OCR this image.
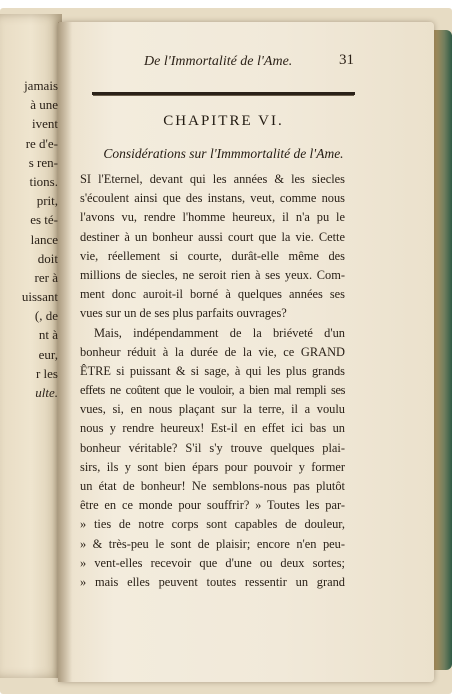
jamais
à une
ivent
re d'e-
s ren-
tions.
prit,
es té-
lance
doit
rer à
uissant
(, de
nt à
eur,
r les
ulte.
De l'Immortalité de l'Ame.	31
CHAPITRE VI.
Considérations sur l'Immmortalité de l'Ame.
SI l'Eternel, devant qui les années & les siecles
s'écoulent ainsi que des instans, veut, comme nous
l'avons vu, rendre l'homme heureux, il n'a pu le
destiner à un bonheur aussi court que la vie. Cette
vie, réellement si courte, durât-elle même des
millions de siecles, ne seroit rien à ses yeux. Com-
ment donc auroit-il borné à quelques années ses
vues sur un de ses plus parfaits ouvrages?
Mais, indépendamment de la briéveté d'un
bonheur réduit à la durée de la vie, ce GRAND
ÊTRE si puissant & si sage, à qui les plus grands
effets ne coûtent que le vouloir, a bien mal rempli ses
vues, si, en nous plaçant sur la terre, il a voulu
nous y rendre heureux! Est-il en effet ici bas un
bonheur véritable? S'il s'y trouve quelques plai-
sirs, ils y sont bien épars pour pouvoir y former
un état de bonheur! Ne semblons-nous pas plutôt
être en ce monde pour souffrir? » Toutes les par-
» ties de notre corps sont capables de douleur,
» & très-peu le sont de plaisir; encore n'en peu-
» vent-elles recevoir que d'une ou deux sortes;
» mais elles peuvent toutes ressentir un grand
